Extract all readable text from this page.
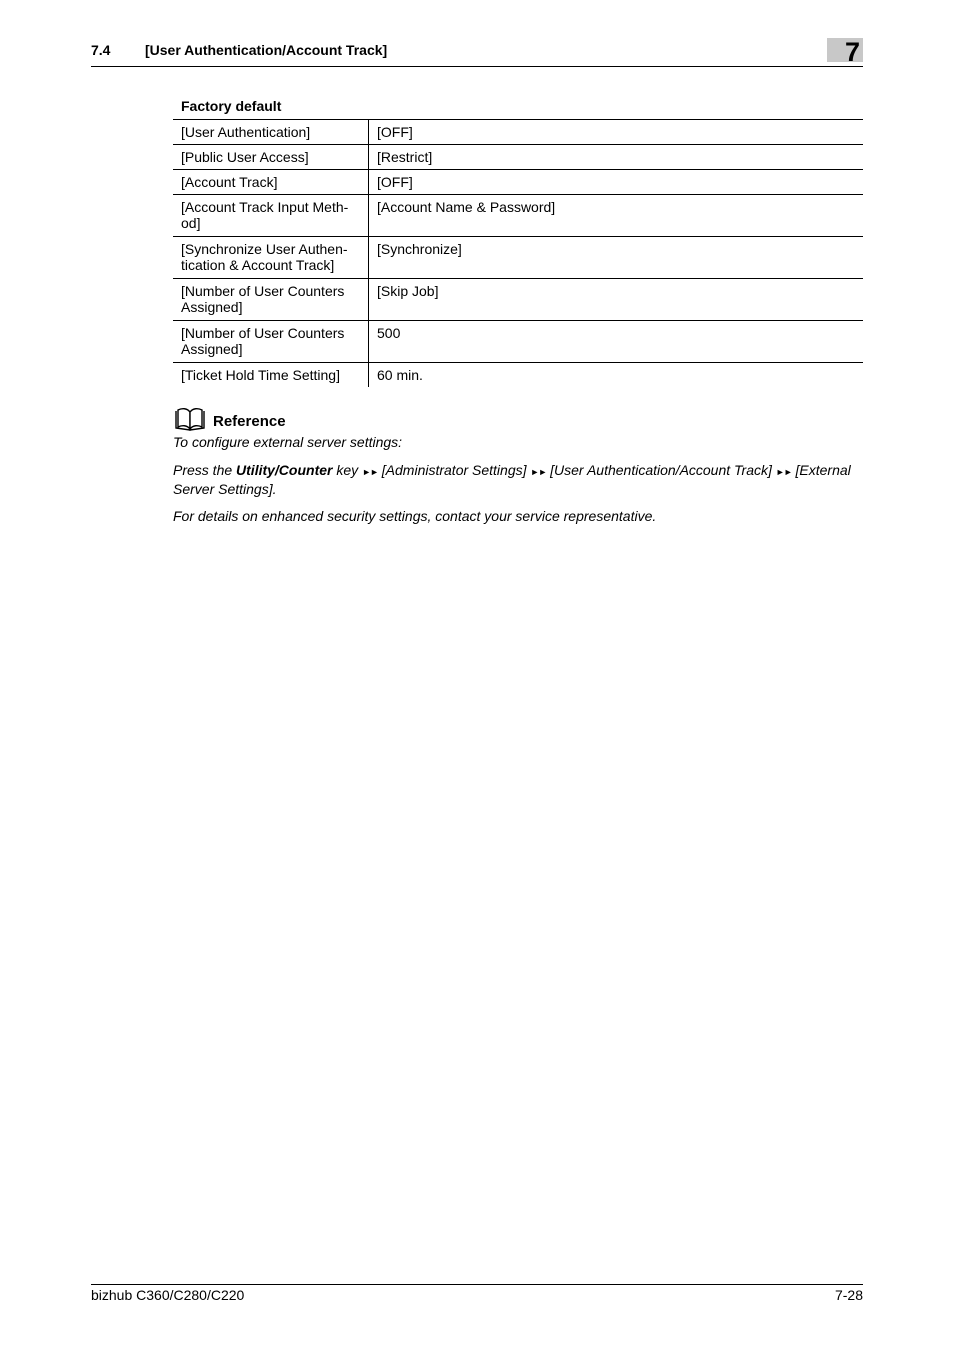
7.4 [User Authentication/Account Track]	7
Factory default
[User Authentication]	[OFF]
[Public User Access]	[Restrict]
[Account Track]	[OFF]
[Account Track Input Meth-od]	[Account Name & Password]
[Synchronize User Authen-tication & Account Track]	[Synchronize]
[Number of User Counters Assigned]	[Skip Job]
[Number of User Counters Assigned]	500
[Ticket Hold Time Setting]	60 min.
Reference

To configure external server settings:

Press the Utility/Counter key ►► [Administrator Settings] ►► [User Authentication/Account Track] ►► [External Server Settings].

For details on enhanced security settings, contact your service representative.

bizhub C360/C280/C220	7-28
